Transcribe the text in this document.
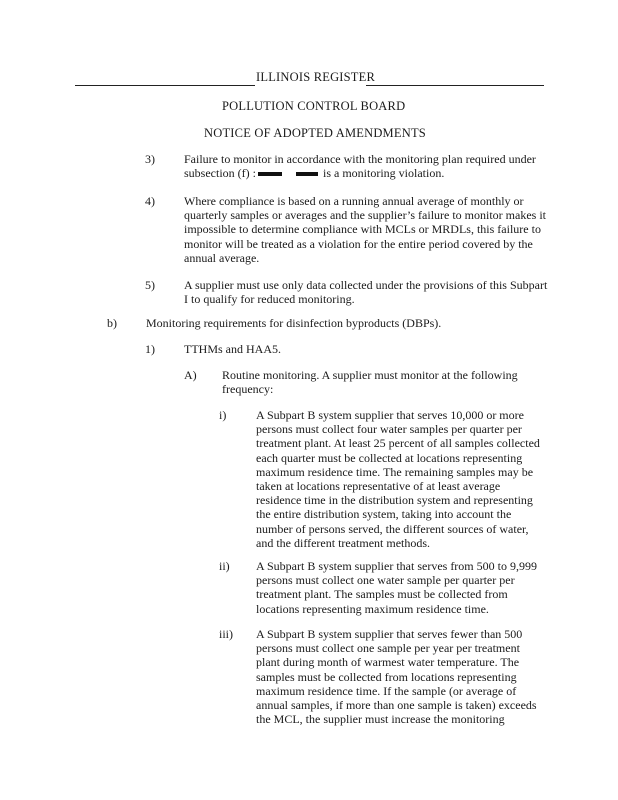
ILLINOIS REGISTER
POLLUTION CONTROL BOARD
NOTICE OF ADOPTED AMENDMENTS
3) Failure to monitor in accordance with the monitoring plan required under
subsection (f) :	is a monitoring violation.
4) Where compliance is based on a running annual average of monthly or
quarterly samples or averages and the supplier’s failure to monitor makes it
impossible to determine compliance with MCLs or MRDLs, this failure to
monitor will be treated as a violation for the entire period covered by the
annual average.
5) A supplier must use only data collected under the provisions of this Subpart
I to qualify for reduced monitoring.
b) Monitoring requirements for disinfection byproducts (DBPs).
1) TTHMs and HAA5.
A) Routine monitoring. A supplier must monitor at the following
frequency:
i) A Subpart B system supplier that serves 10,000 or more
persons must collect four water samples per quarter per
treatment plant. At least 25 percent of all samples collected
each quarter must be collected at locations representing
maximum residence time. The remaining samples may be
taken at locations representative of at least average
residence time in the distribution system and representing
the entire distribution system, taking into account the
number of persons served, the different sources of water,
and the different treatment methods.
ii) A Subpart B system supplier that serves from 500 to 9,999
persons must collect one water sample per quarter per
treatment plant. The samples must be collected from
locations representing maximum residence time.
iii) A Subpart B system supplier that serves fewer than 500
persons must collect one sample per year per treatment
plant during month of warmest water temperature. The
samples must be collected from locations representing
maximum residence time. If the sample (or average of
annual samples, if more than one sample is taken) exceeds
the MCL, the supplier must increase the monitoring
